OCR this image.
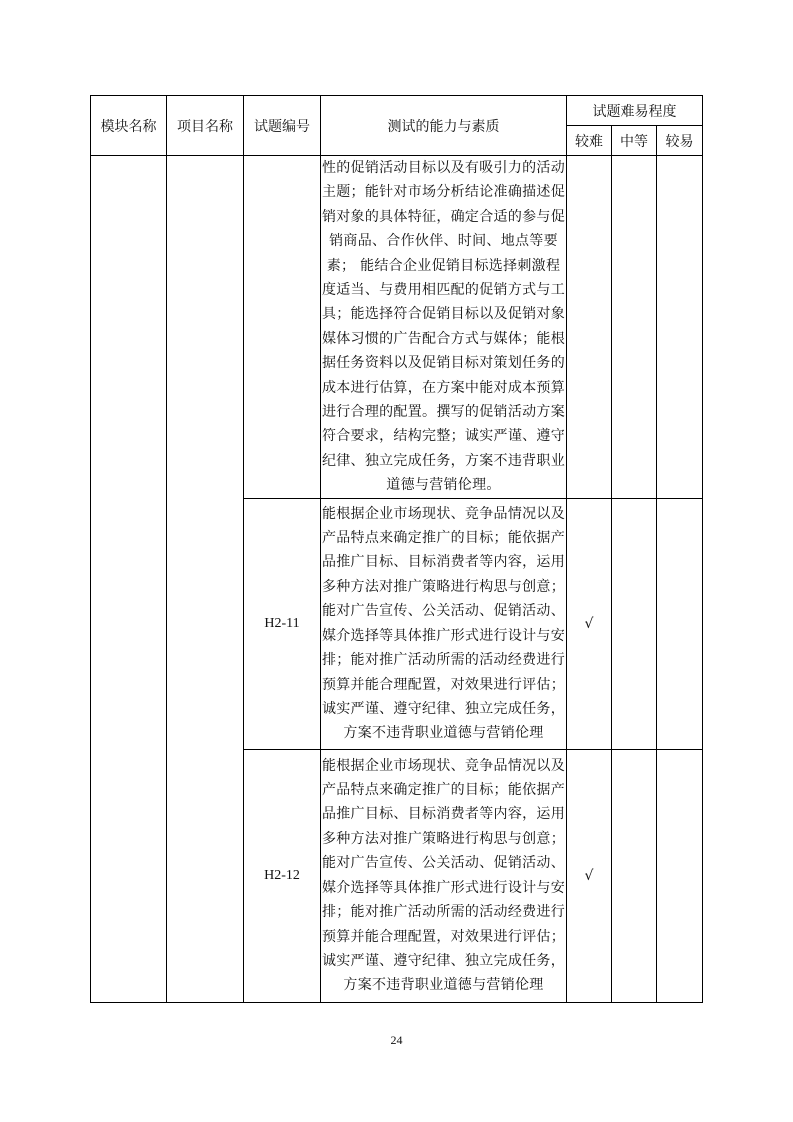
模块名称	项目名称	试题编号	测试的能力与素质	试题难易程度		
				较难	中等	较易
			性的促销活动目标以及有吸引力的活动主题；能针对市场分析结论准确描述促销对象的具体特征，确定合适的参与促销商品、合作伙伴、时间、地点等要素； 能结合企业促销目标选择刺激程度适当、与费用相匹配的促销方式与工具；能选择符合促销目标以及促销对象媒体习惯的广告配合方式与媒体；能根据任务资料以及促销目标对策划任务的成本进行估算，在方案中能对成本预算进行合理的配置。撰写的促销活动方案符合要求，结构完整；诚实严谨、遵守纪律、独立完成任务，方案不违背职业道德与营销伦理。			
		H2-11	能根据企业市场现状、竞争品情况以及产品特点来确定推广的目标；能依据产品推广目标、目标消费者等内容，运用多种方法对推广策略进行构思与创意；能对广告宣传、公关活动、促销活动、媒介选择等具体推广形式进行设计与安排；能对推广活动所需的活动经费进行预算并能合理配置，对效果进行评估；诚实严谨、遵守纪律、独立完成任务，方案不违背职业道德与营销伦理	√		
		H2-12	能根据企业市场现状、竞争品情况以及产品特点来确定推广的目标；能依据产品推广目标、目标消费者等内容，运用多种方法对推广策略进行构思与创意；能对广告宣传、公关活动、促销活动、媒介选择等具体推广形式进行设计与安排；能对推广活动所需的活动经费进行预算并能合理配置，对效果进行评估；诚实严谨、遵守纪律、独立完成任务，方案不违背职业道德与营销伦理	√		
24
